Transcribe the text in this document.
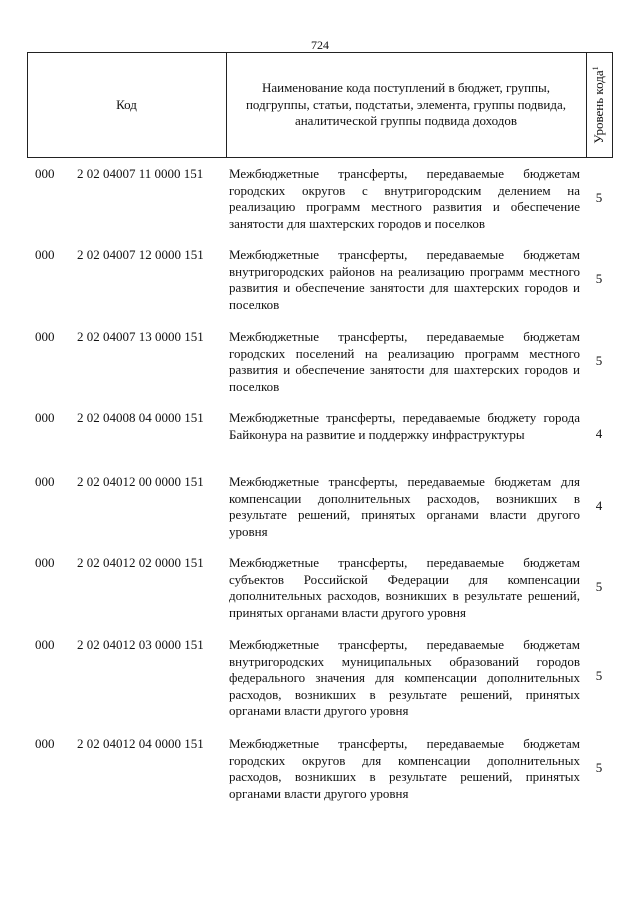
724
Код
Наименование кода поступлений в бюджет, группы, подгруппы, статьи, подстатьи, элемента, группы подвида, аналитической группы подвида доходов	Уровень кода$^1$
000 2 02 04007 11 0000 151 Межбюджетные трансферты, передаваемые бюджетам городских округов с внутригородским делением на реализацию программ местного развития и обеспечение занятости для шахтерских городов и поселков
5
000 2 02 04007 12 0000 151 Межбюджетные трансферты, передаваемые бюджетам внутригородских районов на реализацию программ местного развития и обеспечение занятости для шахтерских городов и поселков
5
000 2 02 04007 13 0000 151 Межбюджетные трансферты, передаваемые бюджетам городских поселений на реализацию программ местного развития и обеспечение занятости для шахтерских городов и поселков
5
000 2 02 04008 04 0000 151 Межбюджетные трансферты, передаваемые бюджету города Байконура на развитие и поддержку инфраструктуры	4
000 2 02 04012 00 0000 151 Межбюджетные трансферты, передаваемые бюджетам для компенсации дополнительных расходов, возникших в результате решений, принятых органами власти другого уровня
4
000 2 02 04012 02 0000 151 Межбюджетные трансферты, передаваемые бюджетам субъектов Российской Федерации для компенсации дополнительных расходов, возникших в результате решений, принятых органами власти другого уровня
5
000 2 02 04012 03 0000 151 Межбюджетные трансферты, передаваемые бюджетам внутригородских муниципальных образований городов федерального значения для компенсации дополнительных расходов, возникших в результате решений, принятых органами власти другого уровня
5
000 2 02 04012 04 0000 151 Межбюджетные трансферты, передаваемые бюджетам городских округов для компенсации дополнительных расходов, возникших в результате решений, принятых органами власти другого уровня
5
